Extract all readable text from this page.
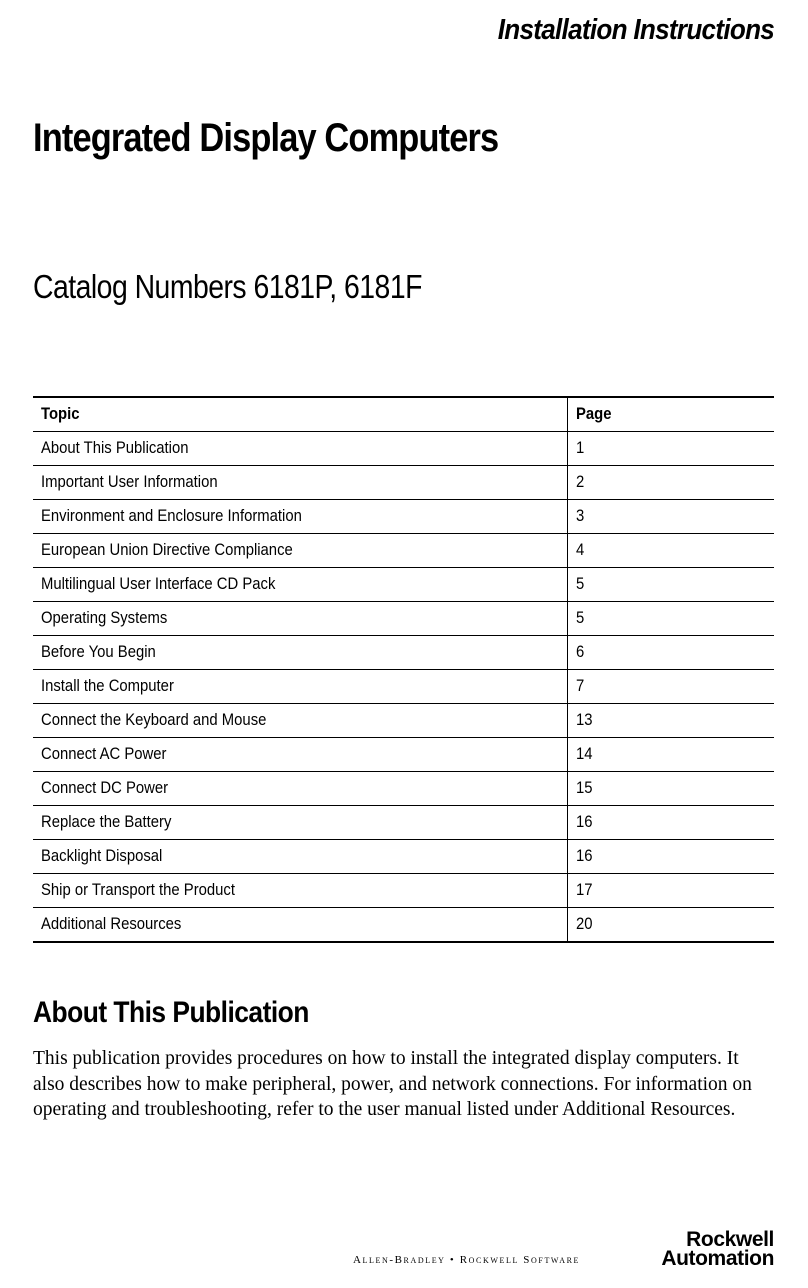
Installation Instructions
Integrated Display Computers
Catalog Numbers 6181P, 6181F
Topic	Page
About This Publication	1
Important User Information	2
Environment and Enclosure Information	3
European Union Directive Compliance	4
Multilingual User Interface CD Pack	5
Operating Systems	5
Before You Begin	6
Install the Computer	7
Connect the Keyboard and Mouse	13
Connect AC Power	14
Connect DC Power	15
Replace the Battery	16
Backlight Disposal	16
Ship or Transport the Product	17
Additional Resources	20
About This Publication

This publication provides procedures on how to install the integrated display computers. It also describes how to make peripheral, power, and network connections. For information on operating and troubleshooting, refer to the user manual listed under Additional Resources.

Allen-Bradley • Rockwell Software
Rockwell
Automation
